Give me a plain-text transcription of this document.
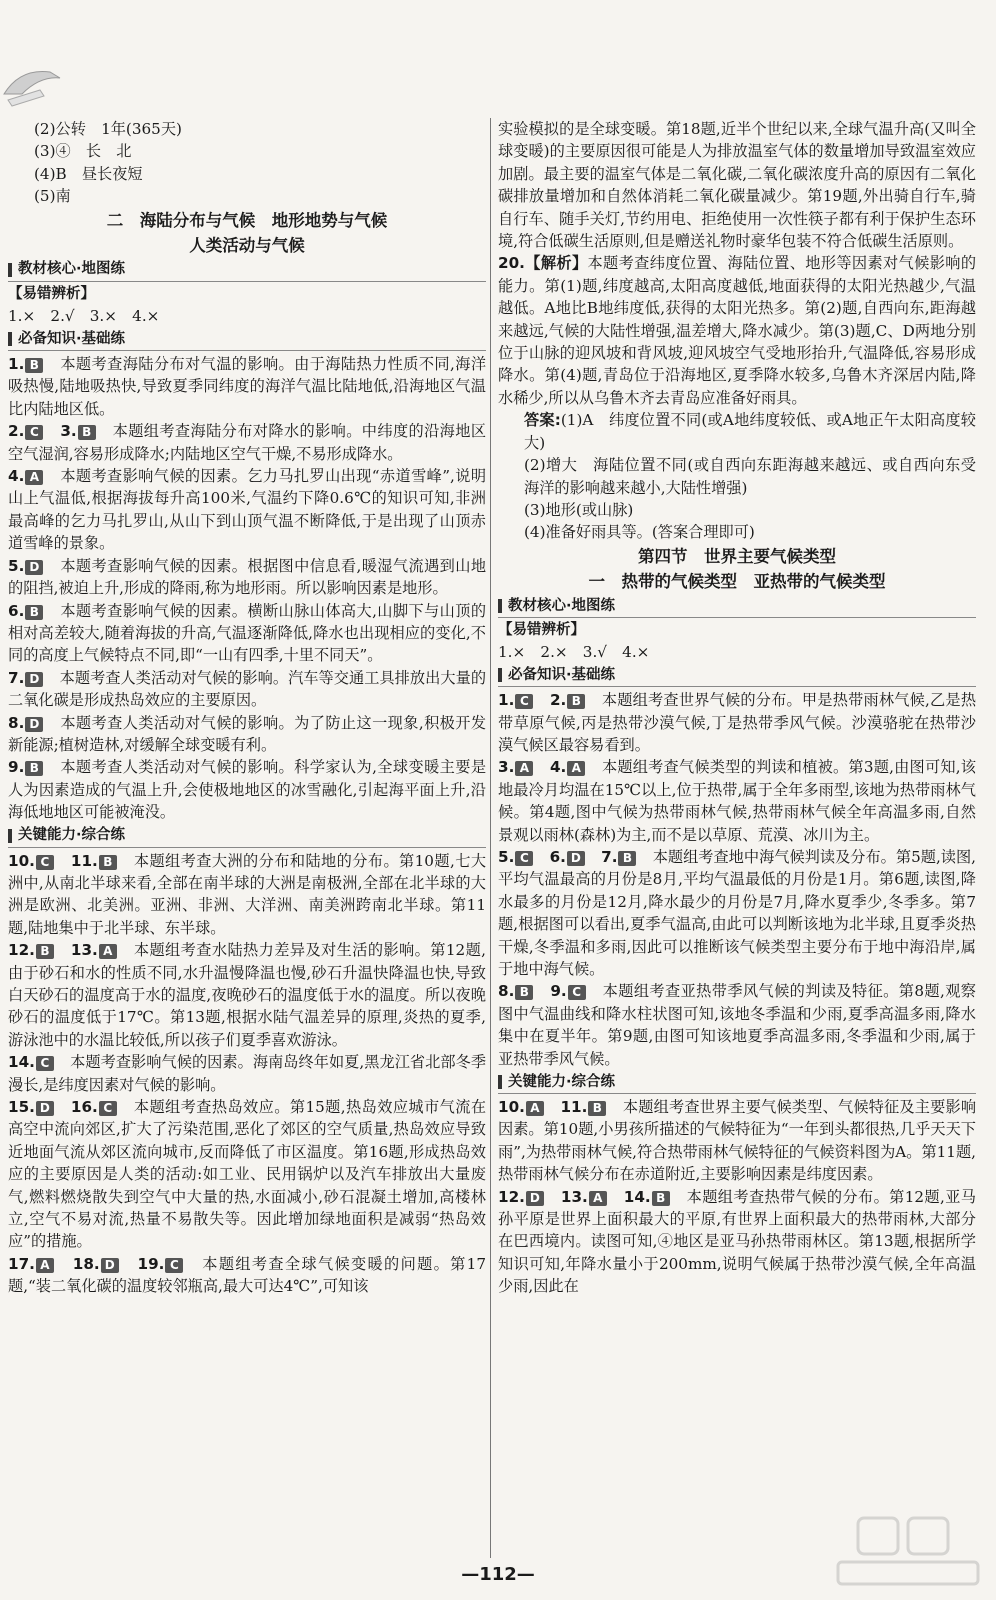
(2)公转　1年(365天)

(3)④　长　北

(4)B　昼长夜短

(5)南

二　海陆分布与气候　地形地势与气候
人类活动与气候
教材核心·地图练
【易错辨析】

1.×　2.√　3.×　4.×

必备知识·基础练

1. B　 本题考查海陆分布对气温的影响。由于海陆热力性质不同,海洋吸热慢,陆地吸热快,导致夏季同纬度的海洋气温比陆地低,沿海地区气温比内陆地区低。

2. C　 3. B　 本题组考查海陆分布对降水的影响。中纬度的沿海地区空气湿润,容易形成降水;内陆地区空气干燥,不易形成降水。

4. A　 本题考查影响气候的因素。乞力马扎罗山出现“赤道雪峰”,说明山上气温低,根据海拔每升高100米,气温约下降0.6℃的知识可知,非洲最高峰的乞力马扎罗山,从山下到山顶气温不断降低,于是出现了山顶赤道雪峰的景象。

5. D　 本题考查影响气候的因素。根据图中信息看,暖湿气流遇到山地的阻挡,被迫上升,形成的降雨,称为地形雨。所以影响因素是地形。

6. B　 本题考查影响气候的因素。横断山脉山体高大,山脚下与山顶的相对高差较大,随着海拔的升高,气温逐渐降低,降水也出现相应的变化,不同的高度上气候特点不同,即“一山有四季,十里不同天”。

7. D　 本题考查人类活动对气候的影响。汽车等交通工具排放出大量的二氧化碳是形成热岛效应的主要原因。

8. D　 本题考查人类活动对气候的影响。为了防止这一现象,积极开发新能源;植树造林,对缓解全球变暖有利。

9. B　 本题考查人类活动对气候的影响。科学家认为,全球变暖主要是人为因素造成的气温上升,会使极地地区的冰雪融化,引起海平面上升,沿海低地地区可能被淹没。

关键能力·综合练

10. C　 11. B　 本题组考查大洲的分布和陆地的分布。第10题,七大洲中,从南北半球来看,全部在南半球的大洲是南极洲,全部在北半球的大洲是欧洲、北美洲。亚洲、非洲、大洋洲、南美洲跨南北半球。第11题,陆地集中于北半球、东半球。

12. B　 13. A　 本题组考查水陆热力差异及对生活的影响。第12题,由于砂石和水的性质不同,水升温慢降温也慢,砂石升温快降温也快,导致白天砂石的温度高于水的温度,夜晚砂石的温度低于水的温度。所以夜晚砂石的温度低于17℃。第13题,根据水陆气温差异的原理,炎热的夏季,游泳池中的水温比较低,所以孩子们夏季喜欢游泳。

14. C　 本题考查影响气候的因素。海南岛终年如夏,黑龙江省北部冬季漫长,是纬度因素对气候的影响。

15. D　 16. C　 本题组考查热岛效应。第15题,热岛效应城市气流在高空中流向郊区,扩大了污染范围,恶化了郊区的空气质量,热岛效应导致近地面气流从郊区流向城市,反而降低了市区温度。第16题,形成热岛效应的主要原因是人类的活动:如工业、民用锅炉以及汽车排放出大量废气,燃料燃烧散失到空气中大量的热,水面减小,砂石混凝土增加,高楼林立,空气不易对流,热量不易散失等。因此增加绿地面积是减弱“热岛效应”的措施。

17. A　 18. D　 19. C　 本题组考查全球气候变暖的问题。第17题,“装二氧化碳的温度较邻瓶高,最大可达4℃”,可知该

实验模拟的是全球变暖。第18题,近半个世纪以来,全球气温升高(又叫全球变暖)的主要原因很可能是人为排放温室气体的数量增加导致温室效应加剧。最主要的温室气体是二氧化碳,二氧化碳浓度升高的原因有二氧化碳排放量增加和自然体消耗二氧化碳量减少。第19题,外出骑自行车,骑自行车、随手关灯,节约用电、拒绝使用一次性筷子都有利于保护生态环境,符合低碳生活原则,但是赠送礼物时豪华包装不符合低碳生活原则。

20.【解析】本题考查纬度位置、海陆位置、地形等因素对气候影响的能力。第(1)题,纬度越高,太阳高度越低,地面获得的太阳光热越少,气温越低。A地比B地纬度低,获得的太阳光热多。第(2)题,自西向东,距海越来越远,气候的大陆性增强,温差增大,降水减少。第(3)题,C、D两地分别位于山脉的迎风坡和背风坡,迎风坡空气受地形抬升,气温降低,容易形成降水。第(4)题,青岛位于沿海地区,夏季降水较多,乌鲁木齐深居内陆,降水稀少,所以从乌鲁木齐去青岛应准备好雨具。

答案:(1)A　纬度位置不同(或A地纬度较低、或A地正午太阳高度较大)

(2)增大　海陆位置不同(或自西向东距海越来越远、或自西向东受海洋的影响越来越小,大陆性增强)

(3)地形(或山脉)

(4)准备好雨具等。(答案合理即可)

第四节　世界主要气候类型
一　热带的气候类型　亚热带的气候类型
教材核心·地图练
【易错辨析】

1.×　2.×　3.√　4.×

必备知识·基础练

1. C　 2. B　 本题组考查世界气候的分布。甲是热带雨林气候,乙是热带草原气候,丙是热带沙漠气候,丁是热带季风气候。沙漠骆驼在热带沙漠气候区最容易看到。

3. A　 4. A　 本题组考查气候类型的判读和植被。第3题,由图可知,该地最冷月均温在15℃以上,位于热带,属于全年多雨型,该地为热带雨林气候。第4题,图中气候为热带雨林气候,热带雨林气候全年高温多雨,自然景观以雨林(森林)为主,而不是以草原、荒漠、冰川为主。

5. C　 6. D　 7. B　 本题组考查地中海气候判读及分布。第5题,读图,平均气温最高的月份是8月,平均气温最低的月份是1月。第6题,读图,降水最多的月份是12月,降水最少的月份是7月,降水夏季少,冬季多。第7题,根据图可以看出,夏季气温高,由此可以判断该地为北半球,且夏季炎热干燥,冬季温和多雨,因此可以推断该气候类型主要分布于地中海沿岸,属于地中海气候。

8. B　 9. C　 本题组考查亚热带季风气候的判读及特征。第8题,观察图中气温曲线和降水柱状图可知,该地冬季温和少雨,夏季高温多雨,降水集中在夏半年。第9题,由图可知该地夏季高温多雨,冬季温和少雨,属于亚热带季风气候。

关键能力·综合练

10. A　 11. B　 本题组考查世界主要气候类型、气候特征及主要影响因素。第10题,小男孩所描述的气候特征为“一年到头都很热,几乎天天下雨”,为热带雨林气候,符合热带雨林气候特征的气候资料图为A。第11题,热带雨林气候分布在赤道附近,主要影响因素是纬度因素。

12. D　 13. A　 14. B　 本题组考查热带气候的分布。第12题,亚马孙平原是世界上面积最大的平原,有世界上面积最大的热带雨林,大部分在巴西境内。读图可知,④地区是亚马孙热带雨林区。第13题,根据所学知识可知,年降水量小于200mm,说明气候属于热带沙漠气候,全年高温少雨,因此在

—112—
